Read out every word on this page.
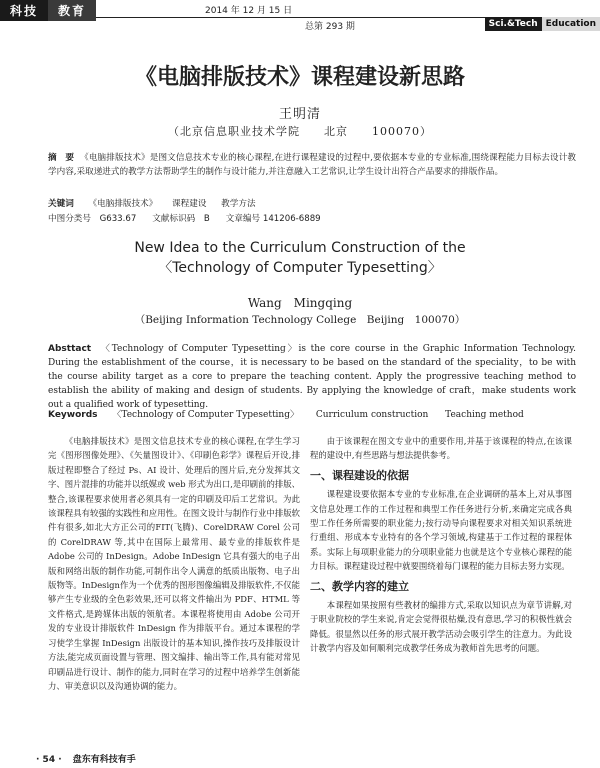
科技	教育	2014 年 12 月 15 日
总第 293 期	Sci.&Tech Education
《电脑排版技术》课程建设新思路
王明清
（北京信息职业技术学院　　北京　　100070）

摘　要 《电脑排版技术》是图文信息技术专业的核心课程,在进行课程建设的过程中,要依据本专业的专业标准,围绕课程能力目标去设计教学内容,采取递进式的教学方法帮助学生的制作与设计能力,并注意融入工艺常识,让学生设计出符合产品要求的排版作品。

关键词 《电脑排版技术》 课程建设 教学方法
中图分类号　G633.67 文献标识码　B 文章编号 141206-6889
New Idea to the Curriculum Construction of the
〈Technology of Computer Typesetting〉
Wang　Mingqing
（Beijing Information Technology College　Beijing　100070）
Absttact 〈Technology of Computer Typesetting〉is the core course in the Graphic Information Technology. During the establishment of the course，it is necessary to be based on the standard of the speciality，to be with the course ability target as a core to prepare the teaching content. Apply the progressive teaching method to establish the ability of making and design of students. By applying the knowledge of craft，make students work out a qualified work of typesetting.
Keywords 〈Technology of Computer Typesetting〉 Curriculum construction Teaching method

《电脑排版技术》是图文信息技术专业的核心课程,在学生学习完《图形图像处理》、《矢量图设计》、《印刷色彩学》课程后开设,排版过程即整合了经过 Ps、AI 设计、处理后的图片后,充分发挥其文字、图片混排的功能并以纸媒或 web 形式为出口,是印刷前的排版、整合,该课程要求使用者必须具有一定的印刷及印后工艺常识。为此该课程具有较强的实践性和应用性。在图文设计与制作行业中排版软件有很多,如北大方正公司的FIT(飞腾)、CorelDRAW Corel 公司的 CorelDRAW 等,其中在国际上最常用、最专业的排版软件是 Adobe 公司的 InDesign。Adobe InDesign 它具有强大的电子出版和网络出版的制作功能,可制作出令人满意的纸质出版物、电子出版物等。InDesign作为一个优秀的图形图像编辑及排版软件,不仅能够产生专业级的全色彩效果,还可以将文件输出为 PDF、HTML 等文件格式,是跨媒体出版的领航者。本课程将使用由 Adobe 公司开发的专业设计排版软件 InDesign 作为排版平台。通过本课程的学习使学生掌握 InDesign 出版设计的基本知识,操作技巧及排版设计方法,能完成页面设置与管理、图文编排、输出等工作,具有能对常见印刷品进行设计、制作的能力,同时在学习的过程中培养学生创新能力、审美意识以及沟通协调的能力。

由于该课程在图文专业中的重要作用,并基于该课程的特点,在该课程的建设中,有些思路与想法提供参考。

一、课程建设的依据

课程建设要依据本专业的专业标准,在企业调研的基本上,对从事图文信息处理工作的工作过程和典型工作任务进行分析,来确定完成各典型工作任务所需要的职业能力;按行动导向课程要求对相关知识系统进行重组、形成本专业特有的各个学习领域,构建基于工作过程的课程体系。实际上每项职业能力的分项职业能力也就是这个专业核心课程的能力目标。课程建设过程中就要围绕着每门课程的能力目标去努力实现。

二、教学内容的建立

本课程如果按照有些教材的编排方式,采取以知识点为章节讲解,对于职业院校的学生来说,肯定会觉得很枯燥,没有意思,学习的积极性就会降低。很显然以任务的形式展开教学活动会吸引学生的注意力。为此设计教学内容及如何顺利完成教学任务成为教师首先思考的问题。

· 54 · 盘东有科技有手
